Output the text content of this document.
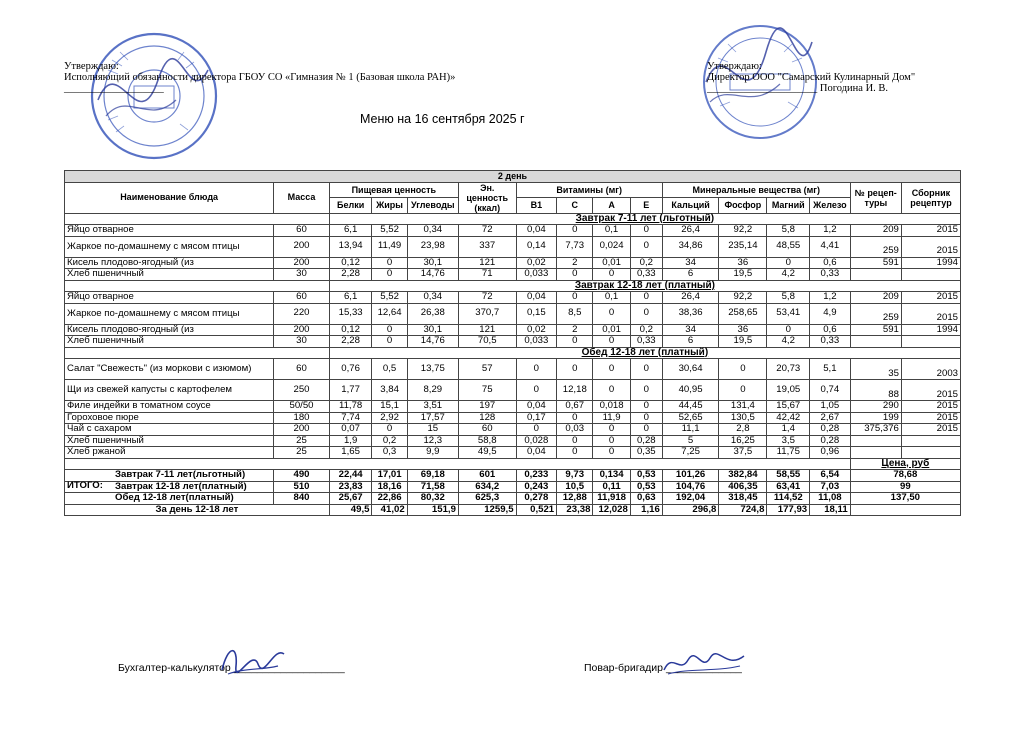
Утверждаю:
Исполняющий обязанности директора ГБОУ СО «Гимназия № 1 (Базовая школа РАН)»
___________________
Утверждаю:
Директор ООО "Самарский Кулинарный Дом"
_____________________ Погодина И. В.
Меню на 16 сентября 2025 г
2 день															
Наименование блюда	Масса	Пищевая ценность			Эн. ценность (ккал)	Витамины (мг)				Минеральные вещества (мг)				№ рецеп-туры	Сборник рецептур
		Белки	Жиры	Углеводы		В1	С	А	Е	Кальций	Фосфор	Магний	Железо		
		Завтрак 7-11 лет (льготный)													
Яйцо отварное	60	6,1	5,52	0,34	72	0,04	0	0,1	0	26,4	92,2	5,8	1,2	209	2015
Жаркое по-домашнему с мясом птицы	200	13,94	11,49	23,98	337	0,14	7,73	0,024	0	34,86	235,14	48,55	4,41	259	2015
Кисель плодово-ягодный (из	200	0,12	0	30,1	121	0,02	2	0,01	0,2	34	36	0	0,6	591	1994
Хлеб пшеничный	30	2,28	0	14,76	71	0,033	0	0	0,33	6	19,5	4,2	0,33		
		Завтрак 12-18 лет (платный)													
Яйцо отварное	60	6,1	5,52	0,34	72	0,04	0	0,1	0	26,4	92,2	5,8	1,2	209	2015
Жаркое по-домашнему с мясом птицы	220	15,33	12,64	26,38	370,7	0,15	8,5	0	0	38,36	258,65	53,41	4,9	259	2015
Кисель плодово-ягодный (из	200	0,12	0	30,1	121	0,02	2	0,01	0,2	34	36	0	0,6	591	1994
Хлеб пшеничный	30	2,28	0	14,76	70,5	0,033	0	0	0,33	6	19,5	4,2	0,33		
		Обед 12-18 лет (платный)													
Салат "Свежесть" (из моркови с изюмом)	60	0,76	0,5	13,75	57	0	0	0	0	30,64	0	20,73	5,1	35	2003
Щи из свежей капусты с картофелем	250	1,77	3,84	8,29	75	0	12,18	0	0	40,95	0	19,05	0,74	88	2015
Филе индейки в томатном соусе	50/50	11,78	15,1	3,51	197	0,04	0,67	0,018	0	44,45	131,4	15,67	1,05	290	2015
Гороховое пюре	180	7,74	2,92	17,57	128	0,17	0	11,9	0	52,65	130,5	42,42	2,67	199	2015
Чай с сахаром	200	0,07	0	15	60	0	0,03	0	0	11,1	2,8	1,4	0,28	375,376	2015
Хлеб пшеничный	25	1,9	0,2	12,3	58,8	0,028	0	0	0,28	5	16,25	3,5	0,28		
Хлеб ржаной	25	1,65	0,3	9,9	49,5	0,04	0	0	0,35	7,25	37,5	11,75	0,96		
														Цена, руб	
ИТОГО:Завтрак 7-11 лет(льготный)	490	22,44	17,01	69,18	601	0,233	9,73	0,134	0,53	101,26	382,84	58,55	6,54	78,68	
Завтрак 12-18 лет(платный)	510	23,83	18,16	71,58	634,2	0,243	10,5	0,11	0,53	104,76	406,35	63,41	7,03	99	
Обед 12-18 лет(платный)	840	25,67	22,86	80,32	625,3	0,278	12,88	11,918	0,63	192,04	318,45	114,52	11,08	137,50	
За день 12-18 лет		49,5	41,02	151,9	1259,5	0,521	23,38	12,028	1,16	296,8	724,8	177,93	18,11		
Бухгалтер-калькулятор ___________________	Повар-бригадир _____________
